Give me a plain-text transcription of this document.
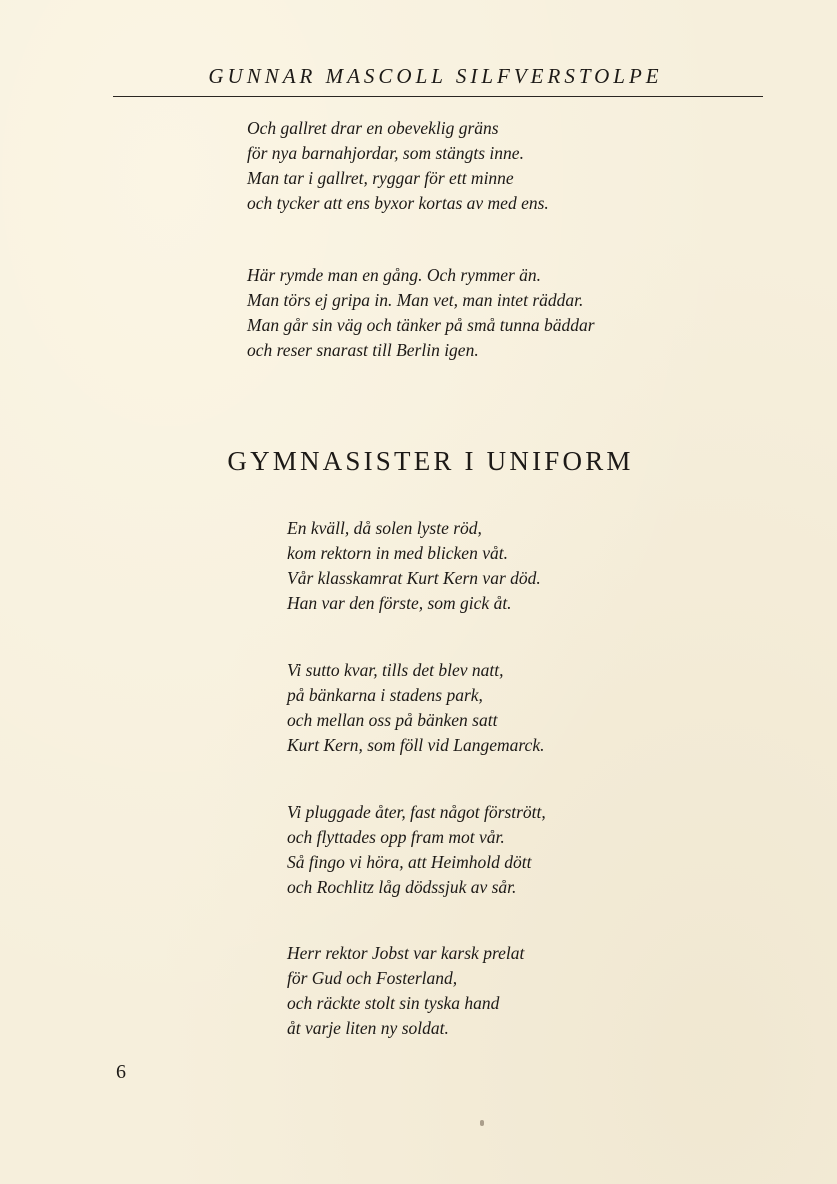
GUNNAR MASCOLL SILFVERSTOLPE
Och gallret drar en obeveklig gräns
för nya barnahjordar, som stängts inne.
Man tar i gallret, ryggar för ett minne
och tycker att ens byxor kortas av med ens.
Här rymde man en gång. Och rymmer än.
Man törs ej gripa in. Man vet, man intet räddar.
Man går sin väg och tänker på små tunna bäddar
och reser snarast till Berlin igen.
GYMNASISTER I UNIFORM
En kväll, då solen lyste röd,
kom rektorn in med blicken våt.
Vår klasskamrat Kurt Kern var död.
Han var den förste, som gick åt.
Vi sutto kvar, tills det blev natt,
på bänkarna i stadens park,
och mellan oss på bänken satt
Kurt Kern, som föll vid Langemarck.
Vi pluggade åter, fast något förstrött,
och flyttades opp fram mot vår.
Så fingo vi höra, att Heimhold dött
och Rochlitz låg dödssjuk av sår.
Herr rektor Jobst var karsk prelat
för Gud och Fosterland,
och räckte stolt sin tyska hand
åt varje liten ny soldat.
6
